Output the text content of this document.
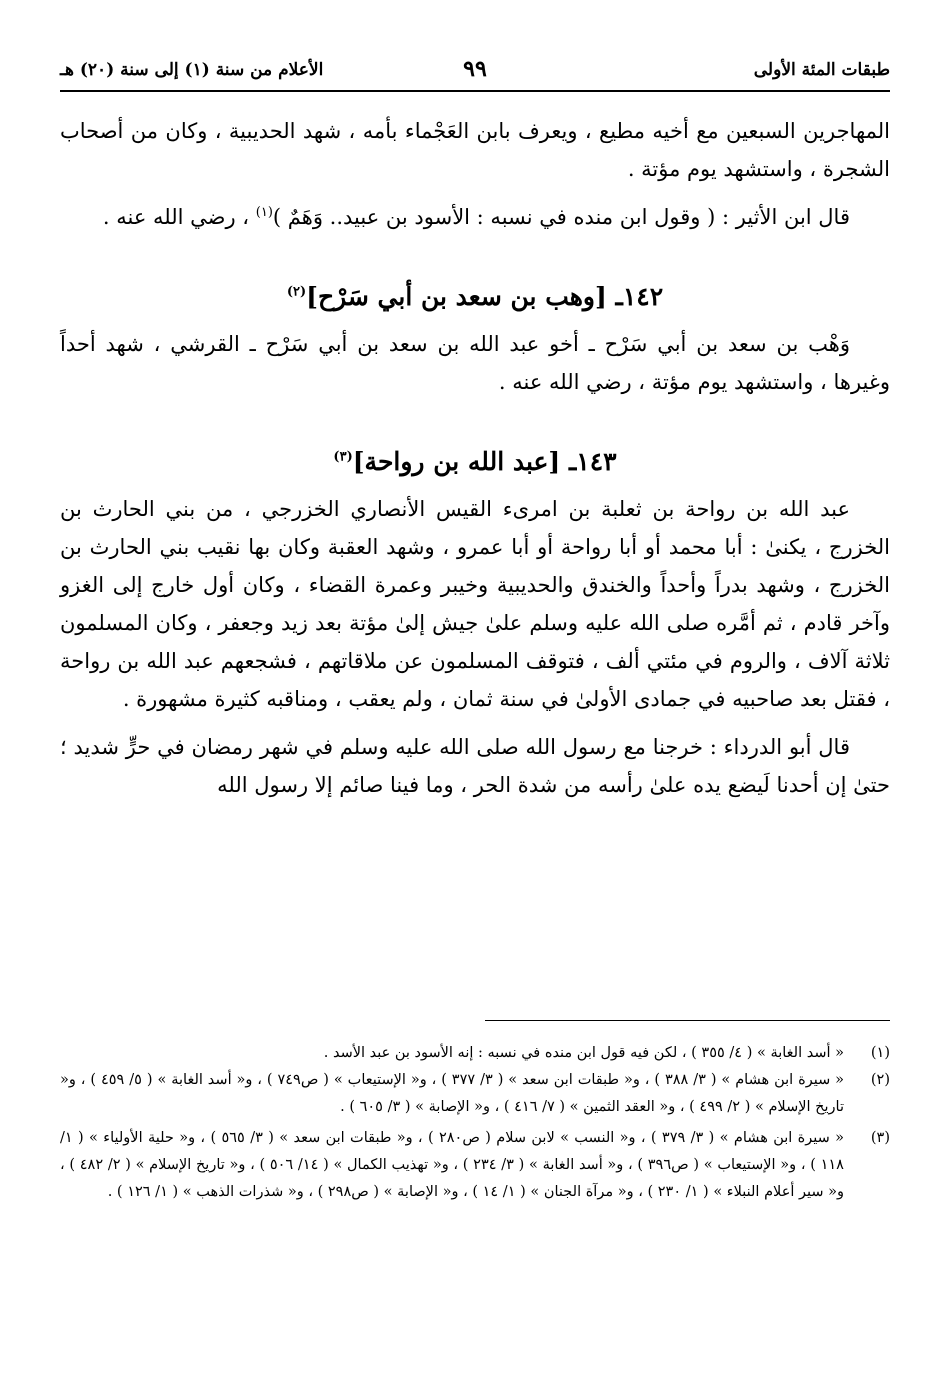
طبقات المئة الأولى
٩٩
الأعلام من سنة (١) إلى سنة (٢٠) هـ

المهاجرين السبعين مع أخيه مطيع ، ويعرف بابن العَجْماء بأمه ، شهد الحديبية ، وكان من أصحاب الشجرة ، واستشهد يوم مؤتة .

قال ابن الأثير : ( وقول ابن منده في نسبه : الأسود بن عبيد.. وَهَمٌ )$^{(١)}$ ، رضي الله عنه .

١٤٢ـ [وهب بن سعد بن أبي سَرْح]$^{(٢)}$

وَهْب بن سعد بن أبي سَرْح ـ أخو عبد الله بن سعد بن أبي سَرْح ـ القرشي ، شهد أحداً وغيرها ، واستشهد يوم مؤتة ، رضي الله عنه .

١٤٣ـ [عبد الله بن رواحة]$^{(٣)}$

عبد الله بن رواحة بن ثعلبة بن امرىء القيس الأنصاري الخزرجي ، من بني الحارث بن الخزرج ، يكنىٰ : أبا محمد أو أبا رواحة أو أبا عمرو ، وشهد العقبة وكان بها نقيب بني الحارث بن الخزرج ، وشهد بدراً وأحداً والخندق والحديبية وخيبر وعمرة القضاء ، وكان أول خارج إلى الغزو وآخر قادم ، ثم أمَّره صلى الله عليه وسلم علىٰ جيش إلىٰ مؤتة بعد زيد وجعفر ، وكان المسلمون ثلاثة آلاف ، والروم في مئتي ألف ، فتوقف المسلمون عن ملاقاتهم ، فشجعهم عبد الله بن رواحة ، فقتل بعد صاحبيه في جمادى الأولىٰ في سنة ثمان ، ولم يعقب ، ومناقبه كثيرة مشهورة .

قال أبو الدرداء : خرجنا مع رسول الله صلى الله عليه وسلم في شهر رمضان في حرٍّ شديد ؛ حتىٰ إن أحدنا لَيضع يده علىٰ رأسه من شدة الحر ، وما فينا صائم إلا رسول الله

(١)
« أسد الغابة » ( ٤/ ٣٥٥ ) ، لكن فيه قول ابن منده في نسبه : إنه الأسود بن عبد الأسد .
(٢)
« سيرة ابن هشام » ( ٣/ ٣٨٨ ) ، و« طبقات ابن سعد » ( ٣/ ٣٧٧ ) ، و« الإستيعاب » ( ص٧٤٩ ) ، و« أسد الغابة » ( ٥/ ٤٥٩ ) ، و« تاريخ الإسلام » ( ٢/ ٤٩٩ ) ، و« العقد الثمين » ( ٧/ ٤١٦ ) ، و« الإصابة » ( ٣/ ٦٠٥ ) .
(٣)
« سيرة ابن هشام » ( ٣/ ٣٧٩ ) ، و« النسب » لابن سلام ( ص٢٨٠ ) ، و« طبقات ابن سعد » ( ٣/ ٥٦٥ ) ، و« حلية الأولياء » ( ١/ ١١٨ ) ، و« الإستيعاب » ( ص٣٩٦ ) ، و« أسد الغابة » ( ٣/ ٢٣٤ ) ، و« تهذيب الكمال » ( ١٤/ ٥٠٦ ) ، و« تاريخ الإسلام » ( ٢/ ٤٨٢ ) ، و« سير أعلام النبلاء » ( ١/ ٢٣٠ ) ، و« مرآة الجنان » ( ١/ ١٤ ) ، و« الإصابة » ( ص٢٩٨ ) ، و« شذرات الذهب » ( ١/ ١٢٦ ) .
